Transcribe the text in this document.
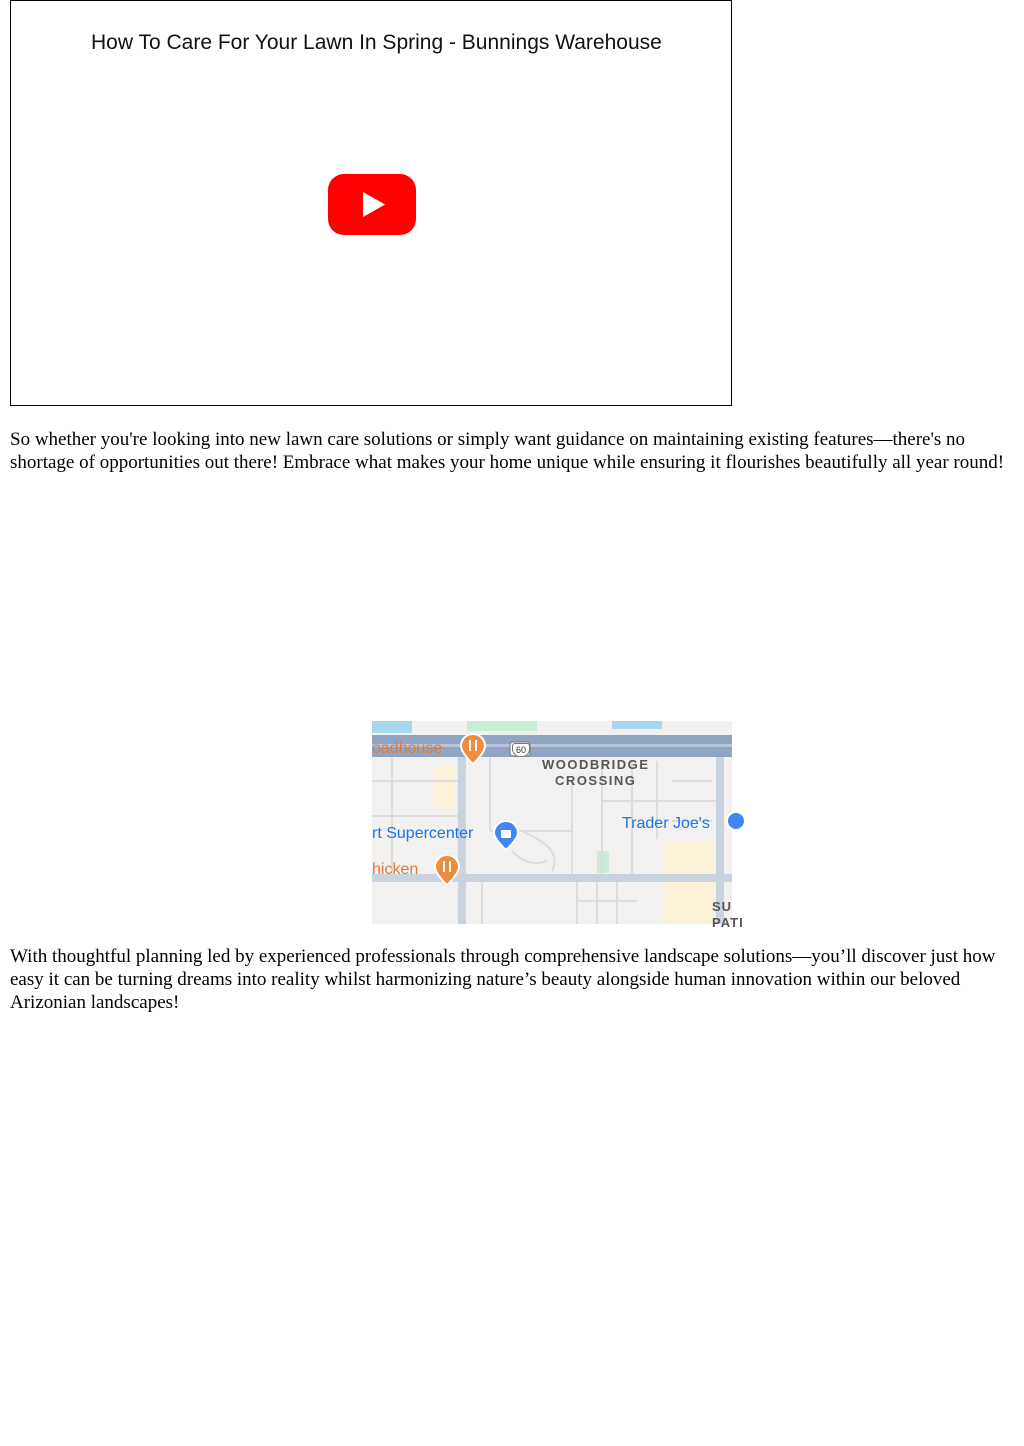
How To Care For Your Lawn In Spring - Bunnings Warehouse

So whether you're looking into new lawn care solutions or simply want guidance on maintaining existing features—there's no shortage of opportunities out there! Embrace what makes your home unique while ensuring it flourishes beautifully all year round!

oadhouse	60
WOODBRIDGE
CROSSING
rt Supercenter
Trader Joe's
hicken
SU
PATI

With thoughtful planning led by experienced professionals through comprehensive landscape solutions—you’ll discover just how easy it can be turning dreams into reality whilst harmonizing nature’s beauty alongside human innovation within our beloved Arizonian landscapes!
